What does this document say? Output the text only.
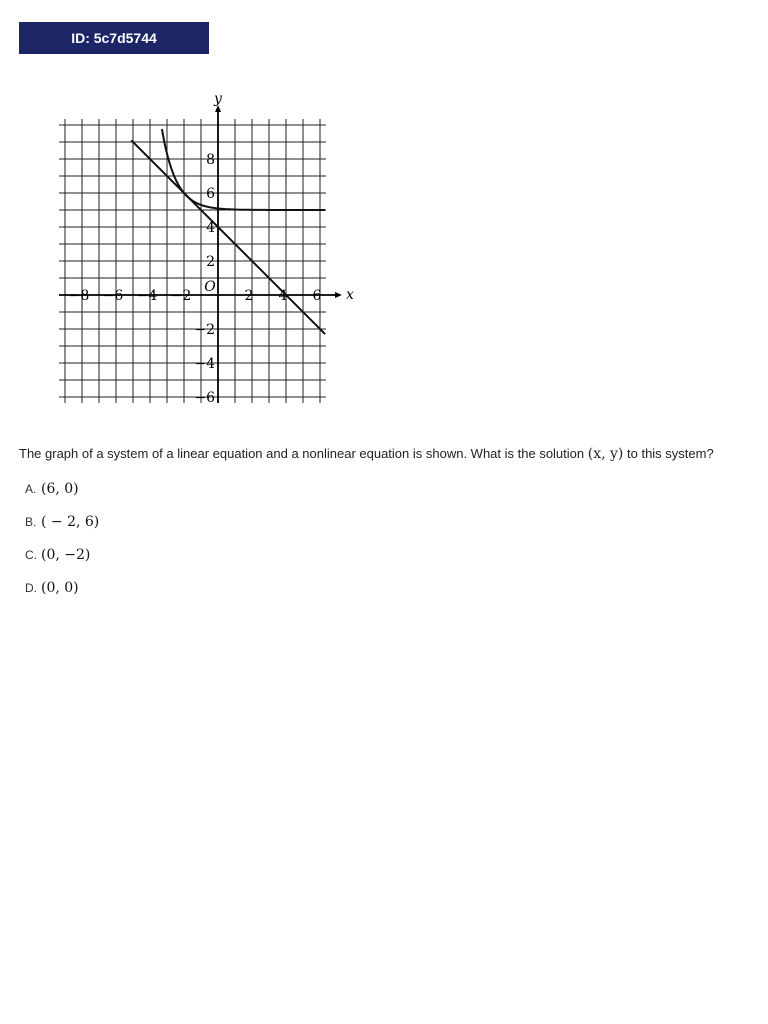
ID: 5c7d5744
−8 −6 −4 −2	2 4 6
8
6
4
2
−2
−4
−6
O	x
y
The graph of a system of a linear equation and a nonlinear equation is shown. What is the solution (x, y) to this system?
A. (6, 0)
B. ( − 2, 6)
C. (0, −2)
D. (0, 0)
